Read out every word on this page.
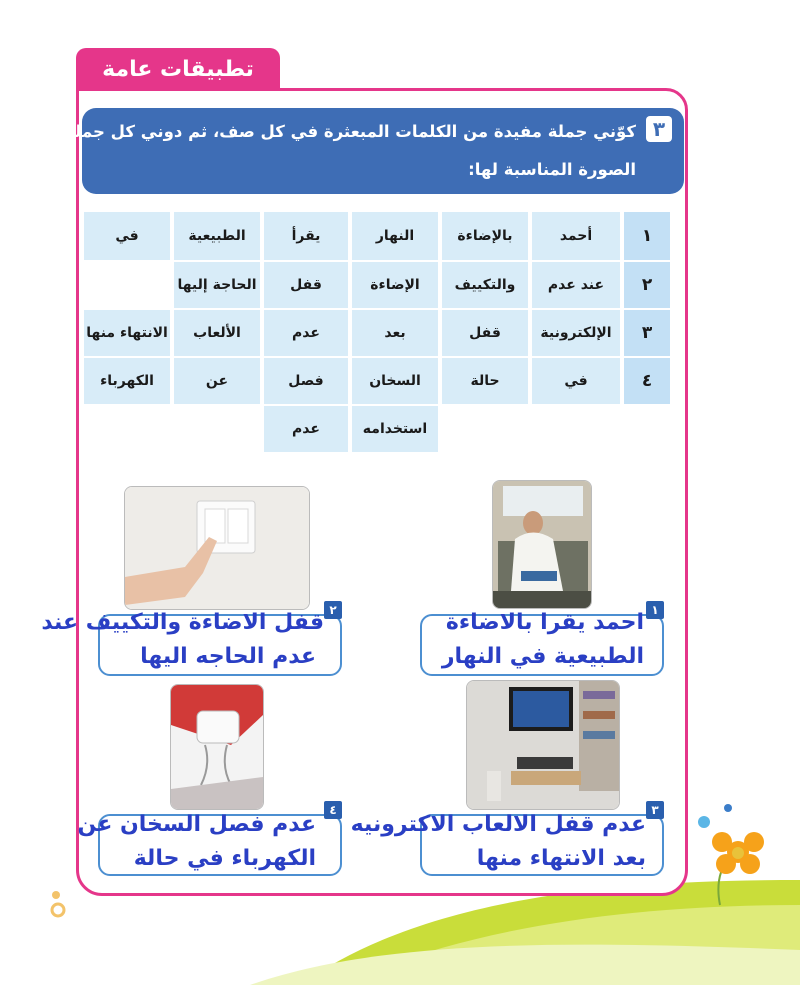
تطبيقات عامة
٣
كوّني جملة مفيدة من الكلمات المبعثرة في كل صف، ثم دوني كل جملة تحت
الصورة المناسبة لها:
١
أحمد
بالإضاءة
النهار
يقرأ
الطبيعية
في
٢
عند عدم
والتكييف
الإضاءة
قفل
الحاجة إليها
٣
الإلكترونية
قفل
بعد
عدم
الألعاب
الانتهاء منها
٤
في
حالة
السخان
فصل
عن
الكهرباء
استخدامه
عدم
١
احمد يقرا بالاضاءة
الطبيعية في النهار
٢
قفل الاضاءة والتكييف عند
عدم الحاجه اليها
٣
عدم قفل الالعاب الاكترونيه
بعد الانتهاء منها
٤
عدم فصل السخان عن
الكهرباء في حالة
